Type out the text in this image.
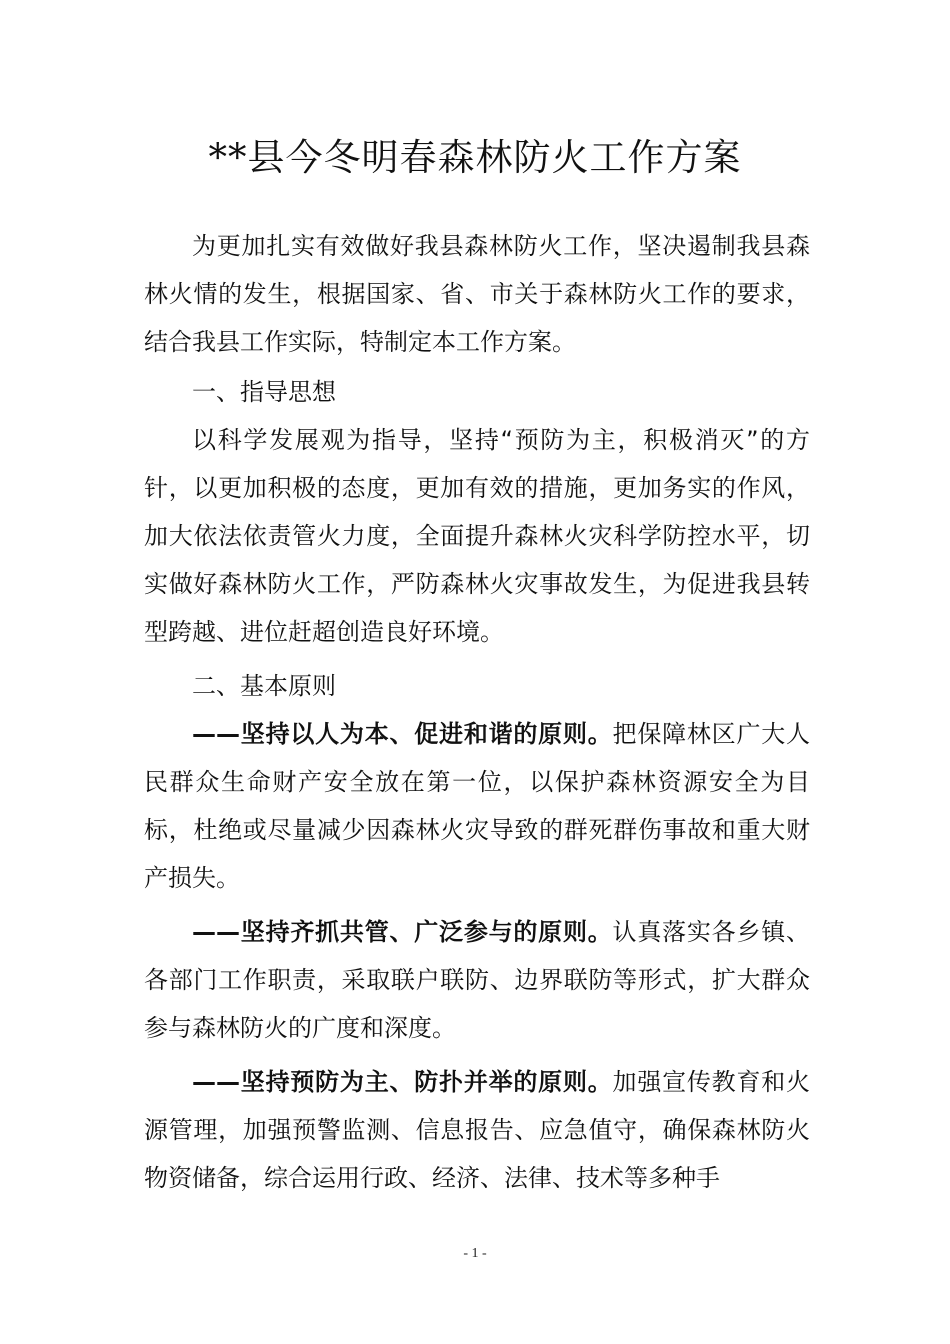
**县今冬明春森林防火工作方案

为更加扎实有效做好我县森林防火工作，坚决遏制我县森林火情的发生，根据国家、省、市关于森林防火工作的要求，结合我县工作实际，特制定本工作方案。

一、指导思想

以科学发展观为指导，坚持“预防为主，积极消灭”的方针，以更加积极的态度，更加有效的措施，更加务实的作风，加大依法依责管火力度，全面提升森林火灾科学防控水平，切实做好森林防火工作，严防森林火灾事故发生，为促进我县转型跨越、进位赶超创造良好环境。

二、基本原则

——坚持以人为本、促进和谐的原则。把保障林区广大人民群众生命财产安全放在第一位，以保护森林资源安全为目标，杜绝或尽量减少因森林火灾导致的群死群伤事故和重大财产损失。

——坚持齐抓共管、广泛参与的原则。认真落实各乡镇、各部门工作职责，采取联户联防、边界联防等形式，扩大群众参与森林防火的广度和深度。

——坚持预防为主、防扑并举的原则。加强宣传教育和火源管理，加强预警监测、信息报告、应急值守，确保森林防火物资储备，综合运用行政、经济、法律、技术等多种手

- 1 -
